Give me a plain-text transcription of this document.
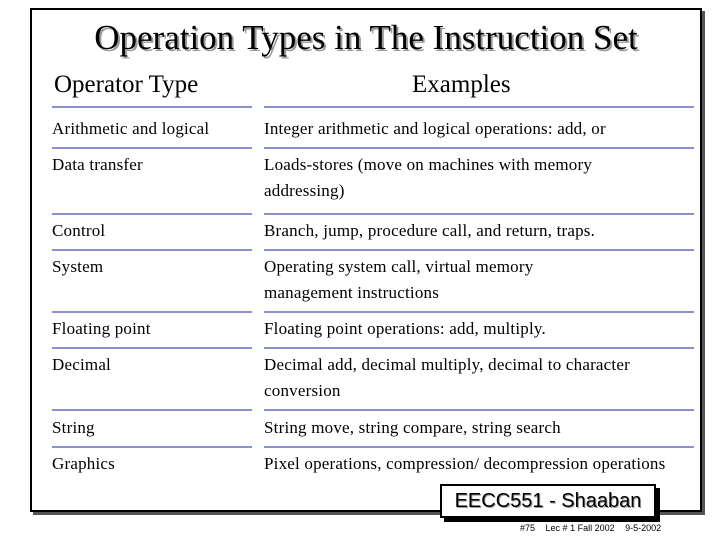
Operation Types in The Instruction Set
Operator Type	Examples
Arithmetic and logical	Integer arithmetic and logical operations: add, or
Data transfer	Loads-stores (move on machines with memory addressing)
Control	Branch, jump, procedure call, and return, traps.
System	Operating system call, virtual memory management instructions
Floating point	Floating point operations: add, multiply.
Decimal	Decimal add, decimal multiply, decimal to character conversion
String	String move, string compare, string search
Graphics	Pixel operations, compression/ decompression operations
EECC551 - Shaaban
#75 Lec # 1 Fall 2002 9-5-2002
